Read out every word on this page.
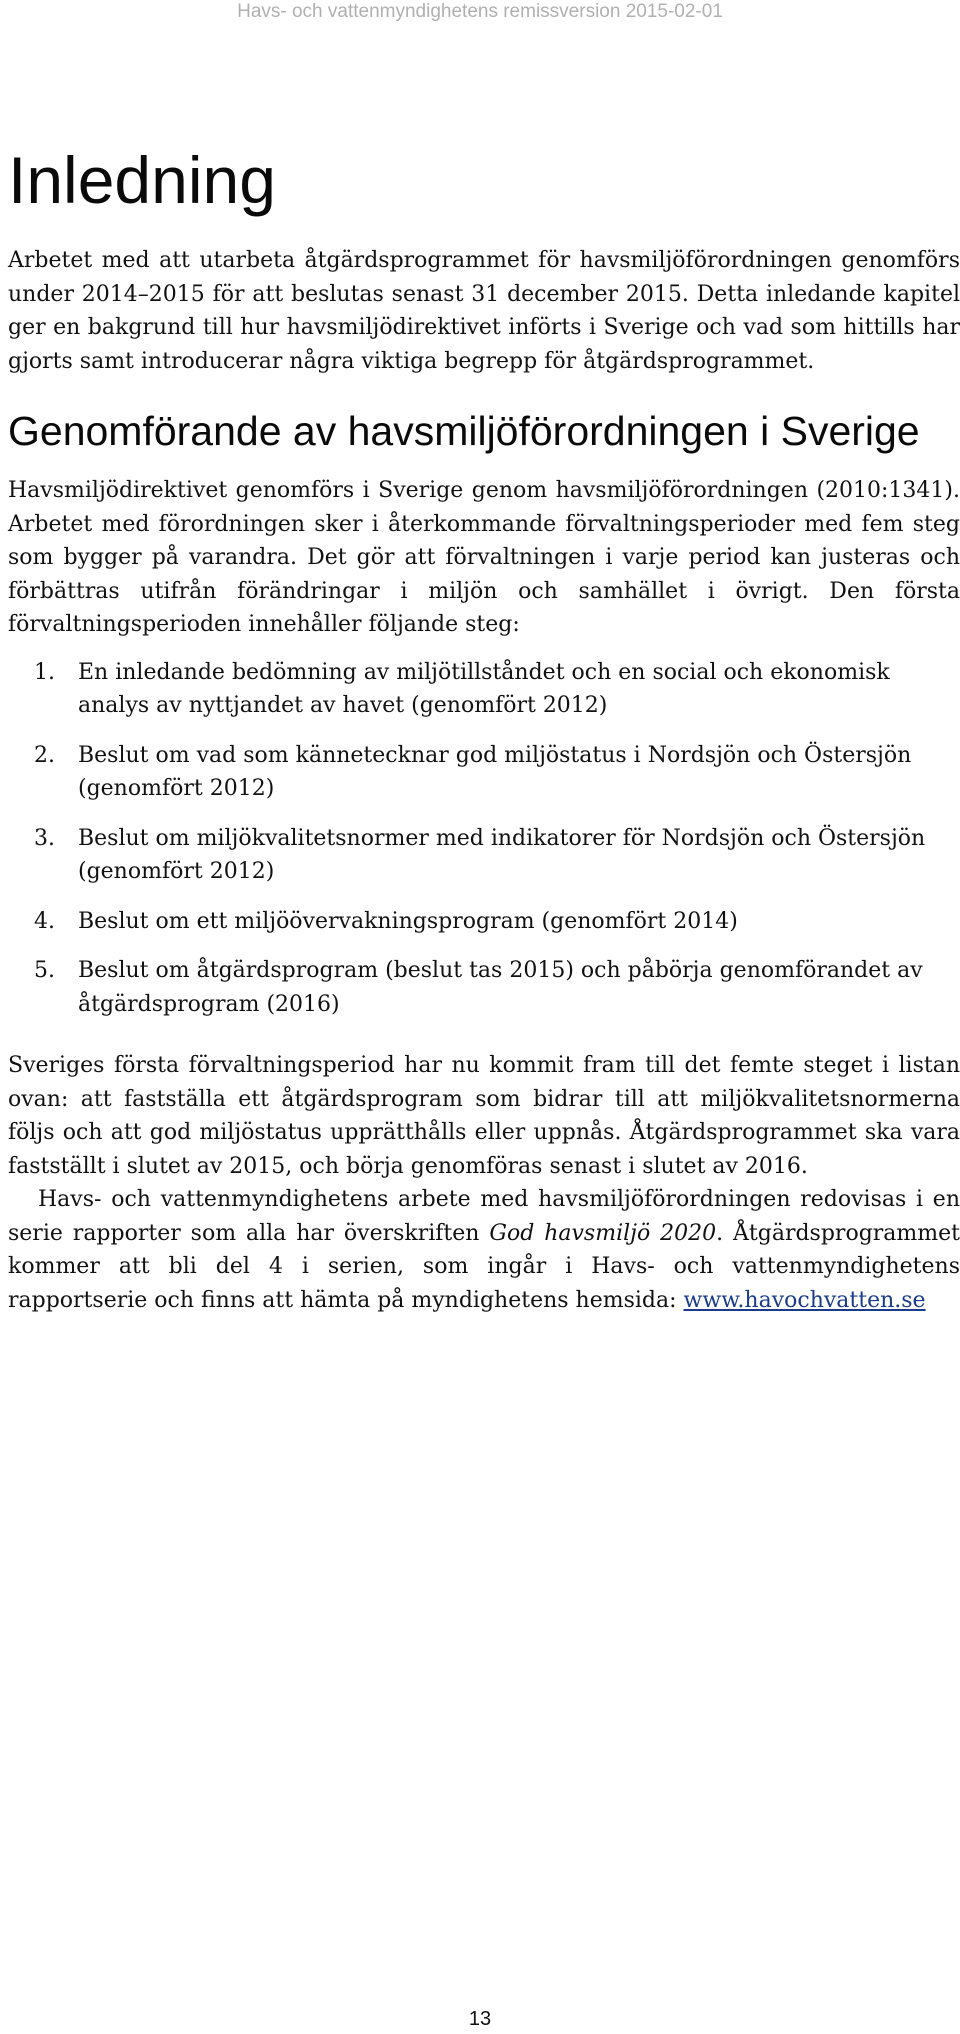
Havs- och vattenmyndighetens remissversion 2015-02-01
Inledning

Arbetet med att utarbeta åtgärdsprogrammet för havsmiljöförordningen genomförs under 2014–2015 för att beslutas senast 31 december 2015. Detta inledande kapitel ger en bakgrund till hur havsmiljödirektivet införts i Sverige och vad som hittills har gjorts samt introducerar några viktiga begrepp för åtgärdsprogrammet.

Genomförande av havsmiljöförordningen i Sverige

Havsmiljödirektivet genomförs i Sverige genom havsmiljöförordningen (2010:1341). Arbetet med förordningen sker i återkommande förvaltningsperioder med fem steg som bygger på varandra. Det gör att förvaltningen i varje period kan justeras och förbättras utifrån förändringar i miljön och samhället i övrigt. Den första förvaltningsperioden innehåller följande steg:

1. En inledande bedömning av miljötillståndet och en social och ekonomisk analys av nyttjandet av havet (genomfört 2012)
2. Beslut om vad som kännetecknar god miljöstatus i Nordsjön och Östersjön (genomfört 2012)
3. Beslut om miljökvalitetsnormer med indikatorer för Nordsjön och Östersjön (genomfört 2012)
4. Beslut om ett miljöövervakningsprogram (genomfört 2014)
5. Beslut om åtgärdsprogram (beslut tas 2015) och påbörja genomförandet av åtgärdsprogram (2016)

Sveriges första förvaltningsperiod har nu kommit fram till det femte steget i listan ovan: att fastställa ett åtgärdsprogram som bidrar till att miljökvalitetsnormerna följs och att god miljöstatus upprätthålls eller uppnås. Åtgärdsprogrammet ska vara fastställt i slutet av 2015, och börja genomföras senast i slutet av 2016.

Havs- och vattenmyndighetens arbete med havsmiljöförordningen redovisas i en serie rapporter som alla har överskriften God havsmiljö 2020. Åtgärdsprogrammet kommer att bli del 4 i serien, som ingår i Havs- och vattenmyndighetens rapportserie och finns att hämta på myndighetens hemsida: www.havochvatten.se

13
